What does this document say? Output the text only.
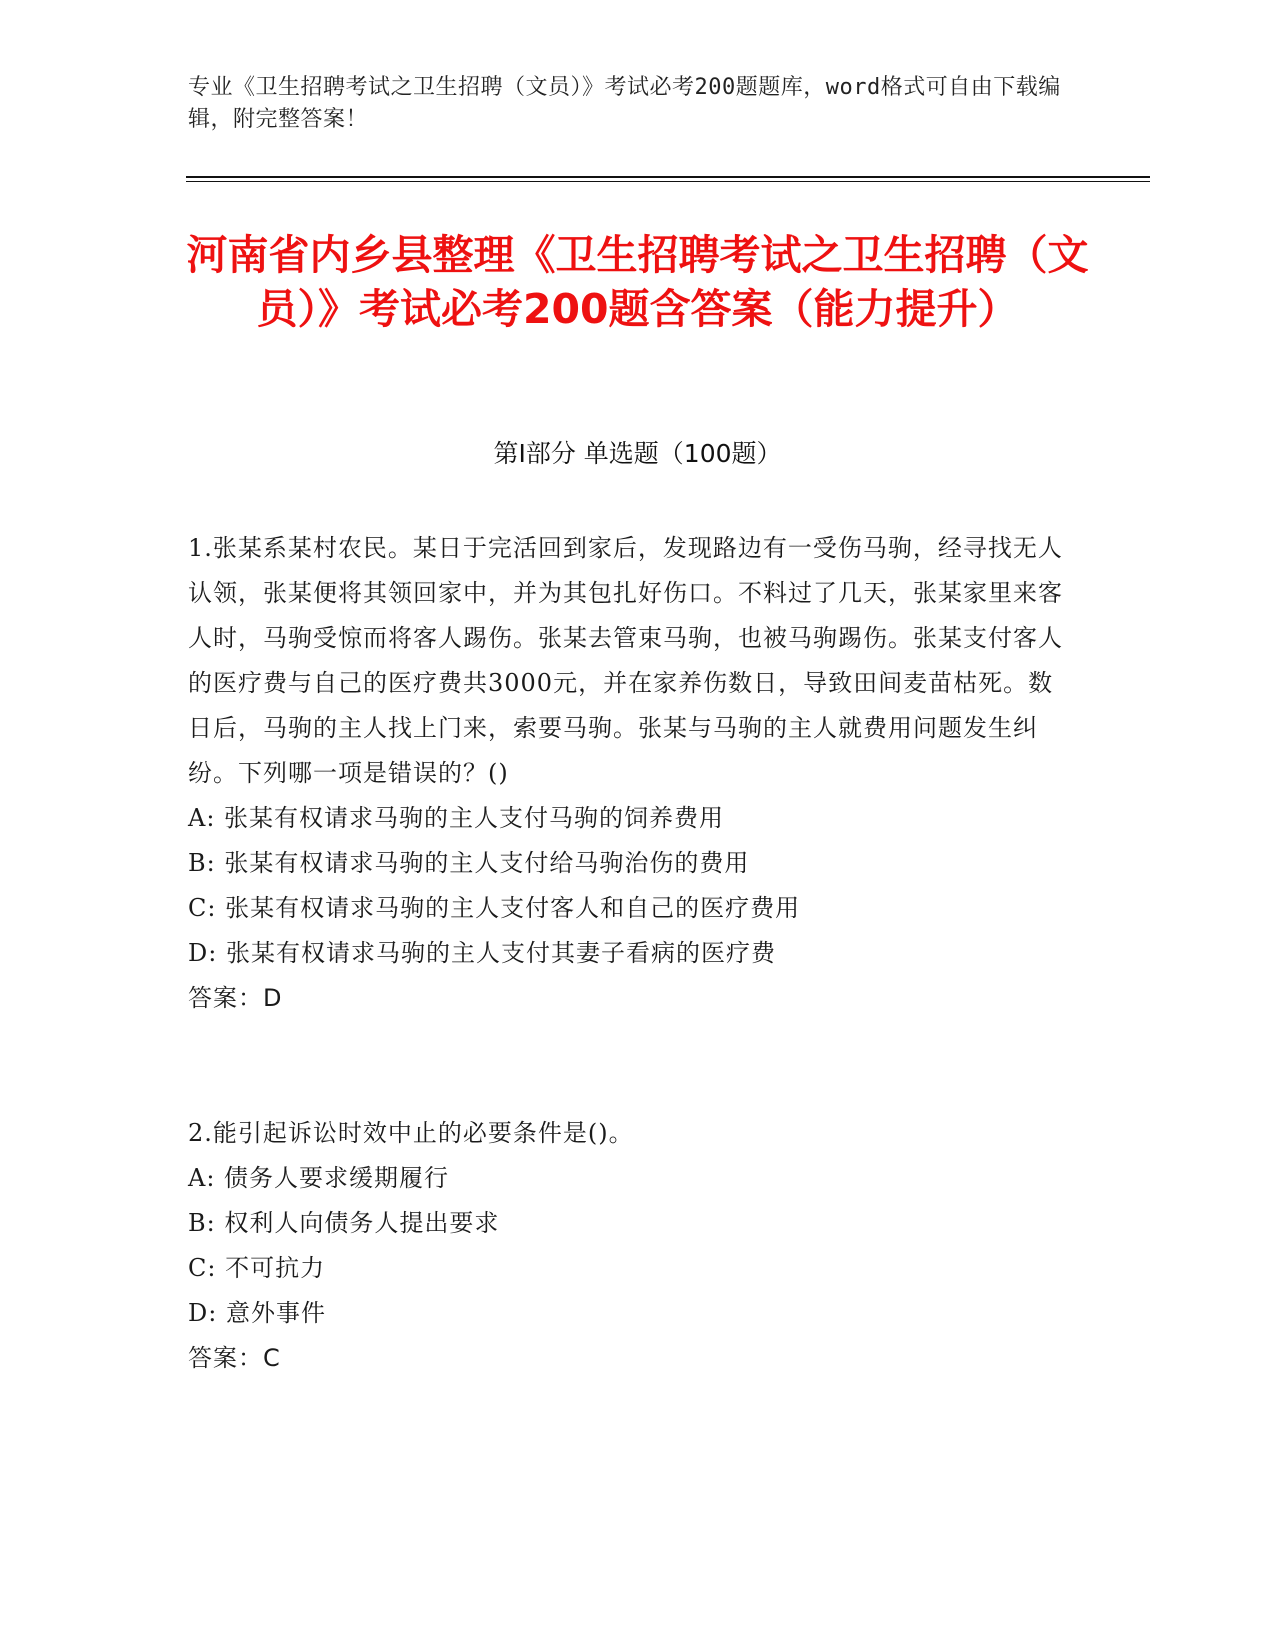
专业《卫生招聘考试之卫生招聘（文员）》考试必考200题题库，word格式可自由下载编辑，附完整答案！
河南省内乡县整理《卫生招聘考试之卫生招聘（文员）》考试必考200题含答案（能力提升）
第Ⅰ部分 单选题（100题）
1.张某系某村农民。某日于完活回到家后，发现路边有一受伤马驹，经寻找无人认领，张某便将其领回家中，并为其包扎好伤口。不料过了几天，张某家里来客人时，马驹受惊而将客人踢伤。张某去管束马驹，也被马驹踢伤。张某支付客人的医疗费与自己的医疗费共3000元，并在家养伤数日，导致田间麦苗枯死。数日后，马驹的主人找上门来，索要马驹。张某与马驹的主人就费用问题发生纠纷。下列哪一项是错误的？()
A: 张某有权请求马驹的主人支付马驹的饲养费用
B: 张某有权请求马驹的主人支付给马驹治伤的费用
C: 张某有权请求马驹的主人支付客人和自己的医疗费用
D: 张某有权请求马驹的主人支付其妻子看病的医疗费
答案：D
2.能引起诉讼时效中止的必要条件是()。
A: 债务人要求缓期履行
B: 权利人向债务人提出要求
C: 不可抗力
D: 意外事件
答案：C
